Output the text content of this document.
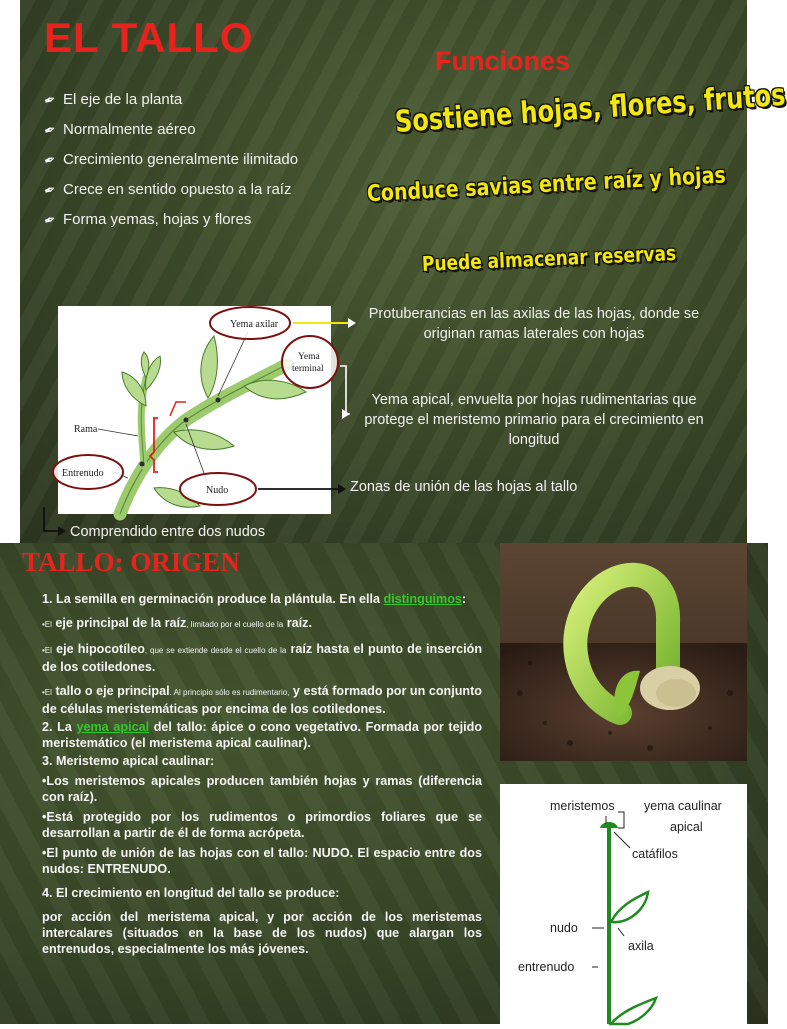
EL TALLO	Funciones
✒ El eje de la planta
✒ Normalmente aéreo
✒ Crecimiento generalmente ilimitado
✒ Crece en sentido opuesto a la raíz
✒ Forma yemas, hojas y flores
Sostiene hojas, flores, frutos
Conduce savias entre raíz y hojas
Puede almacenar reservas
Yema axilar
Yema
terminal
Rama
Entrenudo
Nudo
Protuberancias en las axilas de las hojas, donde se originan ramas laterales con hojas
Yema apical, envuelta por hojas rudimentarias que protege el meristemo primario para el crecimiento en longitud
Zonas de unión de las hojas al tallo
Comprendido entre dos nudos
TALLO: ORIGEN

1. La semilla en germinación produce la plántula. En ella distinguimos:

•El eje principal de la raíz, limitado por el cuello de la raíz.

•El eje hipocotíleo, que se extiende desde el cuello de la raíz hasta el punto de inserción de los cotiledones.

•El tallo o eje principal. Al principio sólo es rudimentario, y está formado por un conjunto de células meristemáticas por encima de los cotiledones.

2. La yema apical del tallo: ápice o cono vegetativo. Formada por tejido meristemático (el meristema apical caulinar).

3. Meristemo apical caulinar:

•Los meristemos apicales producen también hojas y ramas (diferencia con raíz).

•Está protegido por los rudimentos o primordios foliares que se desarrollan a partir de él de forma acrópeta.

•El punto de unión de las hojas con el tallo: NUDO. El espacio entre dos nudos: ENTRENUDO.

4. El crecimiento en longitud del tallo se produce:

por acción del meristema apical, y por acción de los meristemas intercalares (situados en la base de los nudos) que alargan los entrenudos, especialmente los más jóvenes.

meristemos yema caulinar
apical
catáfilos
nudo
axila
entrenudo
